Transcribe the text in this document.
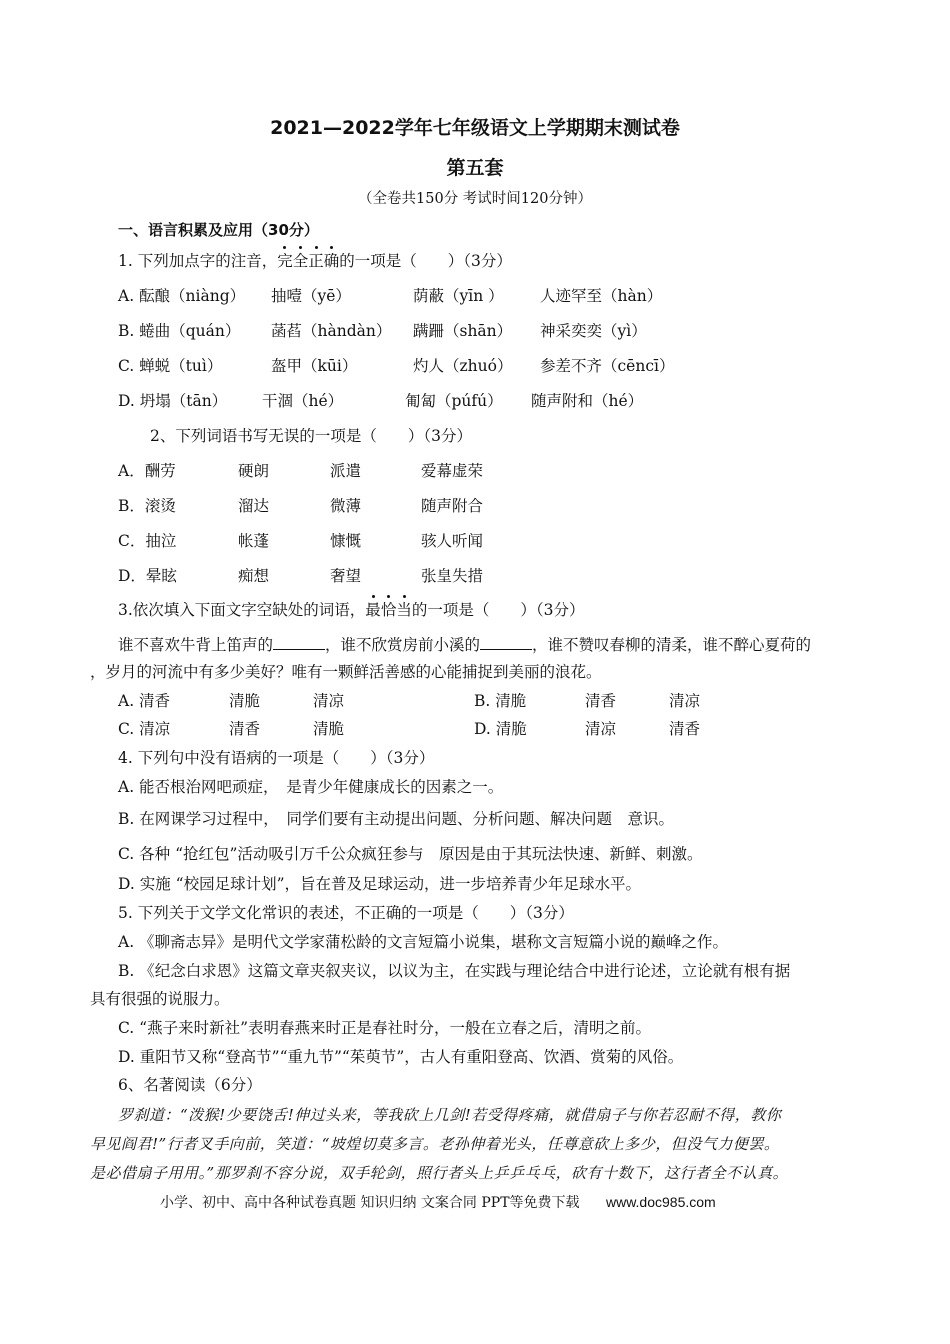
2021—2022学年七年级语文上学期期末测试卷
第五套
（全卷共150分 考试时间120分钟）
一、语言积累及应用（30分）
1. 下列加点字的注音，完全正确的一项是（　　）（3分）
A. 酝酿（niàng） 抽噎（yē）	荫蔽（yīn ） 人迹罕至（hàn）
B. 蜷曲（quán） 菡萏（hàndàn） 蹒跚（shān） 神采奕奕（yì）
C. 蝉蜕（tuì）	盔甲（kūi）	灼人（zhuó） 参差不齐（cēncī）
D. 坍塌（tān） 干涸（hé）	匍匐（púfú） 随声附和（hé）
2、下列词语书写无误的一项是（　　）（3分）
A．酬劳	硬朗	派遣	爱幕虚荣
B．滚烫	溜达	微薄	随声附合
C．抽泣	帐蓬	慷慨	骇人听闻
D．晕眩	痴想	奢望	张皇失措
3.依次填入下面文字空缺处的词语，最恰当的一项是（　　）（3分）
谁不喜欢牛背上笛声的	，谁不欣赏房前小溪的	，谁不赞叹春柳的清柔，谁不醉心夏荷的
，岁月的河流中有多少美好？唯有一颗鲜活善感的心能捕捉到美丽的浪花。
A. 清香	清脆	清凉	B. 清脆	清香	清凉
C. 清凉	清香	清脆	D. 清脆	清凉	清香
4. 下列句中没有语病的一项是（　　）（3分）
A. 能否根治网吧顽症，　是青少年健康成长的因素之一。
B. 在网课学习过程中，　同学们要有主动提出问题、分析问题、解决问题　意识。
C. 各种 “抢红包”活动吸引万千公众疯狂参与　原因是由于其玩法快速、新鲜、刺激。
D. 实施 “校园足球计划”，旨在普及足球运动，进一步培养青少年足球水平。
5. 下列关于文学文化常识的表述，不正确的一项是（　　）（3分）
A. 《聊斋志异》是明代文学家蒲松龄的文言短篇小说集，堪称文言短篇小说的巅峰之作。
B. 《纪念白求恩》这篇文章夹叙夹议，以议为主，在实践与理论结合中进行论述，立论就有根有据
具有很强的说服力。
C. “燕子来时新社”表明春燕来时正是春社时分，一般在立春之后，清明之前。
D. 重阳节又称“登高节”“重九节”“茱萸节”，古人有重阳登高、饮酒、赏菊的风俗。
6、名著阅读（6分）
罗刹道：“泼猴!少要饶舌!伸过头来，等我砍上几剑!若受得疼痛，就借扇子与你若忍耐不得，教你
早见阎君!”行者叉手向前，笑道：“坡煌切莫多言。老孙伸着光头，任尊意砍上多少，但没气力便罢。
是必借扇子用用。”那罗刹不容分说，双手轮剑，照行者头上乒乒乓乓，砍有十数下，这行者全不认真。
小学、初中、高中各种试卷真题 知识归纳 文案合同 PPT等免费下载 www.doc985.com
